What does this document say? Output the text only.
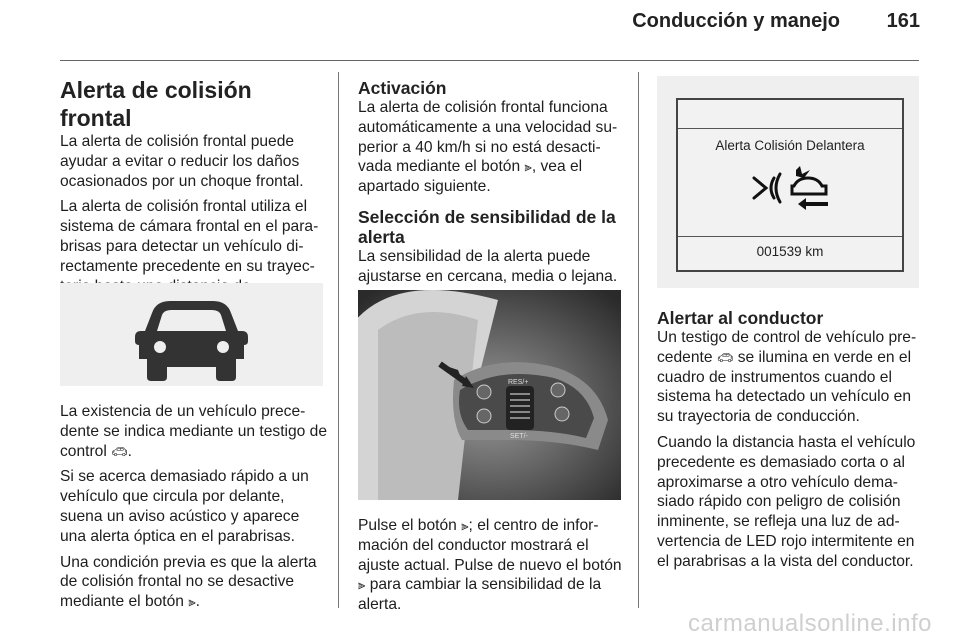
Conducción y manejo 161
Alerta de colisión frontal

La alerta de colisión frontal puede ayudar a evitar o reducir los daños ocasionados por un choque frontal.

La alerta de colisión frontal utiliza el
sistema de cámara frontal en el para-
brisas para detectar un vehículo di-
rectamente precedente en su trayec-

La existencia de un vehículo prece- dente se indica mediante un testigo de control 🚗︎.

Si se acerca demasiado rápido a un vehículo que circula por delante, suena un aviso acústico y aparece una alerta óptica en el parabrisas.

Una condición previa es que la alerta de colisión frontal no se desactive mediante el botón ⫸.

Activación

La alerta de colisión frontal funciona automáticamente a una velocidad su- perior a 40 km/h si no está desacti- vada mediante el botón ⫸, vea el apartado siguiente.

Selección de sensibilidad de la alerta

La sensibilidad de la alerta puede ajustarse en cercana, media o lejana.

RES/+
SET/-

Pulse el botón ⫸; el centro de infor- mación del conductor mostrará el ajuste actual. Pulse de nuevo el botón ⫸ para cambiar la sensibilidad de la alerta.

Alerta Colisión Delantera
001539 km
Alertar al conductor

Un testigo de control de vehículo pre- cedente 🚗︎ se ilumina en verde en el cuadro de instrumentos cuando el sistema ha detectado un vehículo en su trayectoria de conducción.

Cuando la distancia hasta el vehículo precedente es demasiado corta o al aproximarse a otro vehículo dema- siado rápido con peligro de colisión inminente, se refleja una luz de ad- vertencia de LED rojo intermitente en el parabrisas a la vista del conductor.

carmanualsonline.info
